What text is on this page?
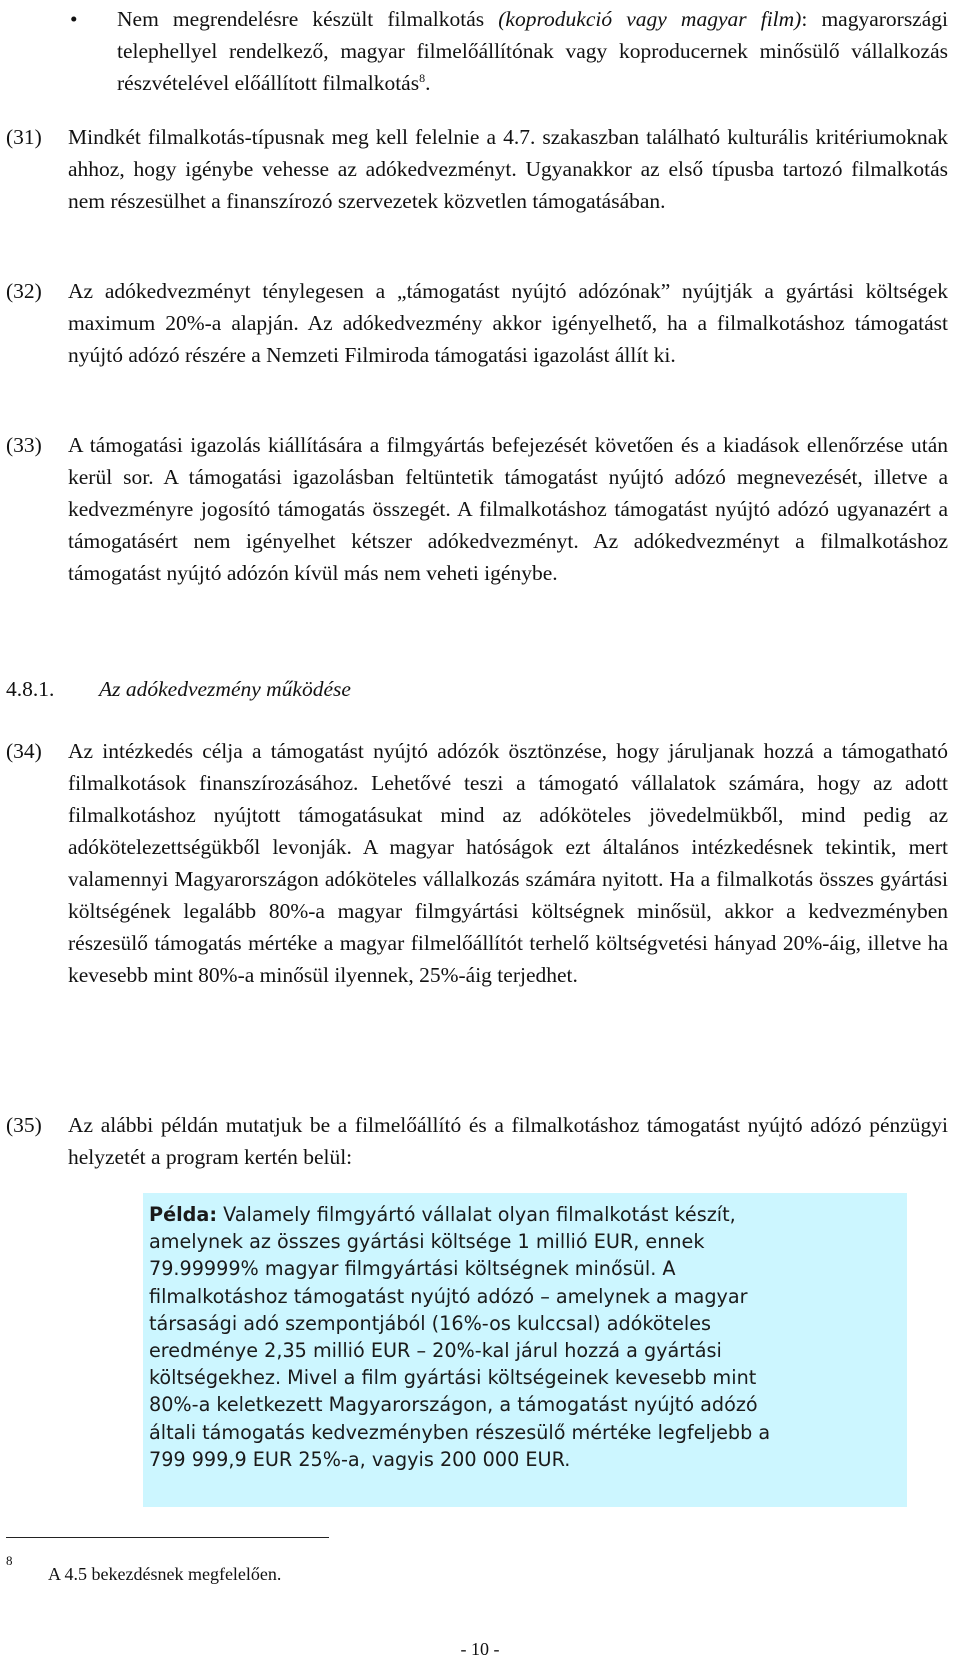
•	Nem megrendelésre készült filmalkotás (koprodukció vagy magyar film): magyarországi telephellyel rendelkező, magyar filmelőállítónak vagy koproducernek minősülő vállalkozás részvételével előállított filmalkotás$^8$.

(31)	Mindkét filmalkotás-típusnak meg kell felelnie a 4.7. szakaszban található kulturális kritériumoknak ahhoz, hogy igénybe vehesse az adókedvezményt. Ugyanakkor az első típusba tartozó filmalkotás nem részesülhet a finanszírozó szervezetek közvetlen támogatásában.

(32)	Az adókedvezményt ténylegesen a „támogatást nyújtó adózónak” nyújtják a gyártási költségek maximum 20%-a alapján. Az adókedvezmény akkor igényelhető, ha a filmalkotáshoz támogatást nyújtó adózó részére a Nemzeti Filmiroda támogatási igazolást állít ki.

(33)	A támogatási igazolás kiállítására a filmgyártás befejezését követően és a kiadások ellenőrzése után kerül sor. A támogatási igazolásban feltüntetik támogatást nyújtó adózó megnevezését, illetve a kedvezményre jogosító támogatás összegét. A filmalkotáshoz támogatást nyújtó adózó ugyanazért a támogatásért nem igényelhet kétszer adókedvezményt. Az adókedvezményt a filmalkotáshoz támogatást nyújtó adózón kívül más nem veheti igénybe.

4.8.1. Az adókedvezmény működése
(34)	Az intézkedés célja a támogatást nyújtó adózók ösztönzése, hogy járuljanak hozzá a támogatható filmalkotások finanszírozásához. Lehetővé teszi a támogató vállalatok számára, hogy az adott filmalkotáshoz nyújtott támogatásukat mind az adóköteles jövedelmükből, mind pedig az adókötelezettségükből levonják. A magyar hatóságok ezt általános intézkedésnek tekintik, mert valamennyi Magyarországon adóköteles vállalkozás számára nyitott. Ha a filmalkotás összes gyártási költségének legalább 80%-a magyar filmgyártási költségnek minősül, akkor a kedvezményben részesülő támogatás mértéke a magyar filmelőállítót terhelő költségvetési hányad 20%-áig, illetve ha kevesebb mint 80%-a minősül ilyennek, 25%-áig terjedhet.

(35)	Az alábbi példán mutatjuk be a filmelőállító és a filmalkotáshoz támogatást nyújtó adózó pénzügyi helyzetét a program kertén belül:

Példa: Valamely filmgyártó vállalat olyan filmalkotást készít,
amelynek az összes gyártási költsége 1 millió EUR, ennek
79.99999% magyar filmgyártási költségnek minősül. A
filmalkotáshoz támogatást nyújtó adózó – amelynek a magyar
társasági adó szempontjából (16%-os kulccsal) adóköteles
eredménye 2,35 millió EUR – 20%-kal járul hozzá a gyártási
költségekhez. Mivel a film gyártási költségeinek kevesebb mint
80%-a keletkezett Magyarországon, a támogatást nyújtó adózó
általi támogatás kedvezményben részesülő mértéke legfeljebb a
799 999,9 EUR 25%-a, vagyis 200 000 EUR.

8
A 4.5 bekezdésnek megfelelően.
- 10 -
